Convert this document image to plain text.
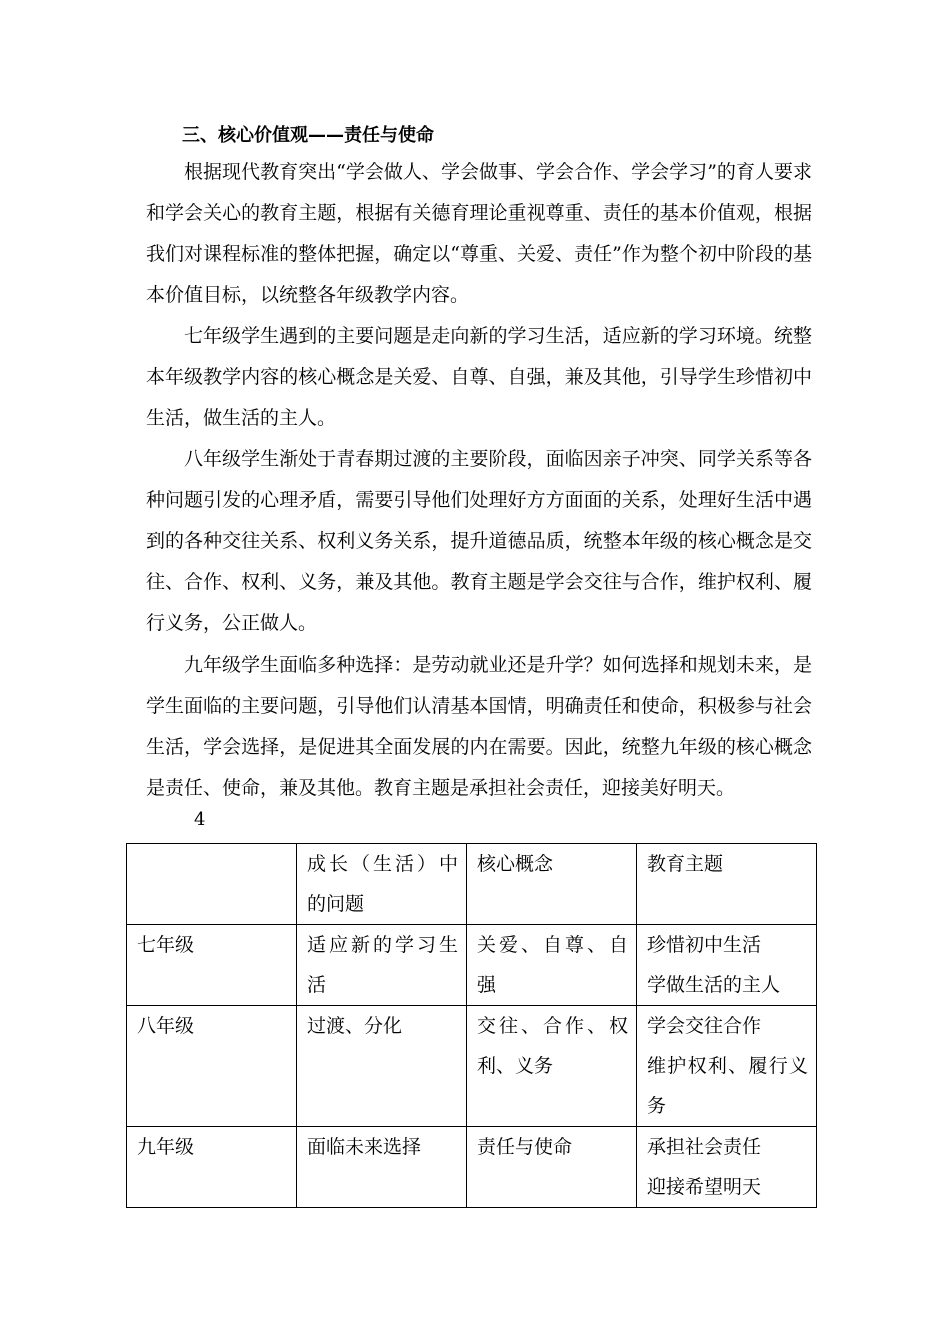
三、核心价值观——责任与使命

根据现代教育突出“学会做人、学会做事、学会合作、学会学习”的育人要求和学会关心的教育主题，根据有关德育理论重视尊重、责任的基本价值观，根据我们对课程标准的整体把握，确定以“尊重、关爱、责任”作为整个初中阶段的基本价值目标，以统整各年级教学内容。

七年级学生遇到的主要问题是走向新的学习生活，适应新的学习环境。统整本年级教学内容的核心概念是关爱、自尊、自强，兼及其他，引导学生珍惜初中生活，做生活的主人。

八年级学生渐处于青春期过渡的主要阶段，面临因亲子冲突、同学关系等各种问题引发的心理矛盾，需要引导他们处理好方方面面的关系，处理好生活中遇到的各种交往关系、权利义务关系，提升道德品质，统整本年级的核心概念是交往、合作、权利、义务，兼及其他。教育主题是学会交往与合作，维护权利、履行义务，公正做人。

九年级学生面临多种选择：是劳动就业还是升学？如何选择和规划未来，是学生面临的主要问题，引导他们认清基本国情，明确责任和使命，积极参与社会生活，学会选择，是促进其全面发展的内在需要。因此，统整九年级的核心概念是责任、使命，兼及其他。教育主题是承担社会责任，迎接美好明天。

4
	成长（生活）中的问题	核心概念	教育主题
七年级	适应新的学习生活	关爱、自尊、自强	珍惜初中生活
学做生活的主人

八年级	过渡、分化	交往、合作、权利、义务	学会交往合作
维护权利、履行义务

九年级	面临未来选择	责任与使命	承担社会责任
迎接希望明天
